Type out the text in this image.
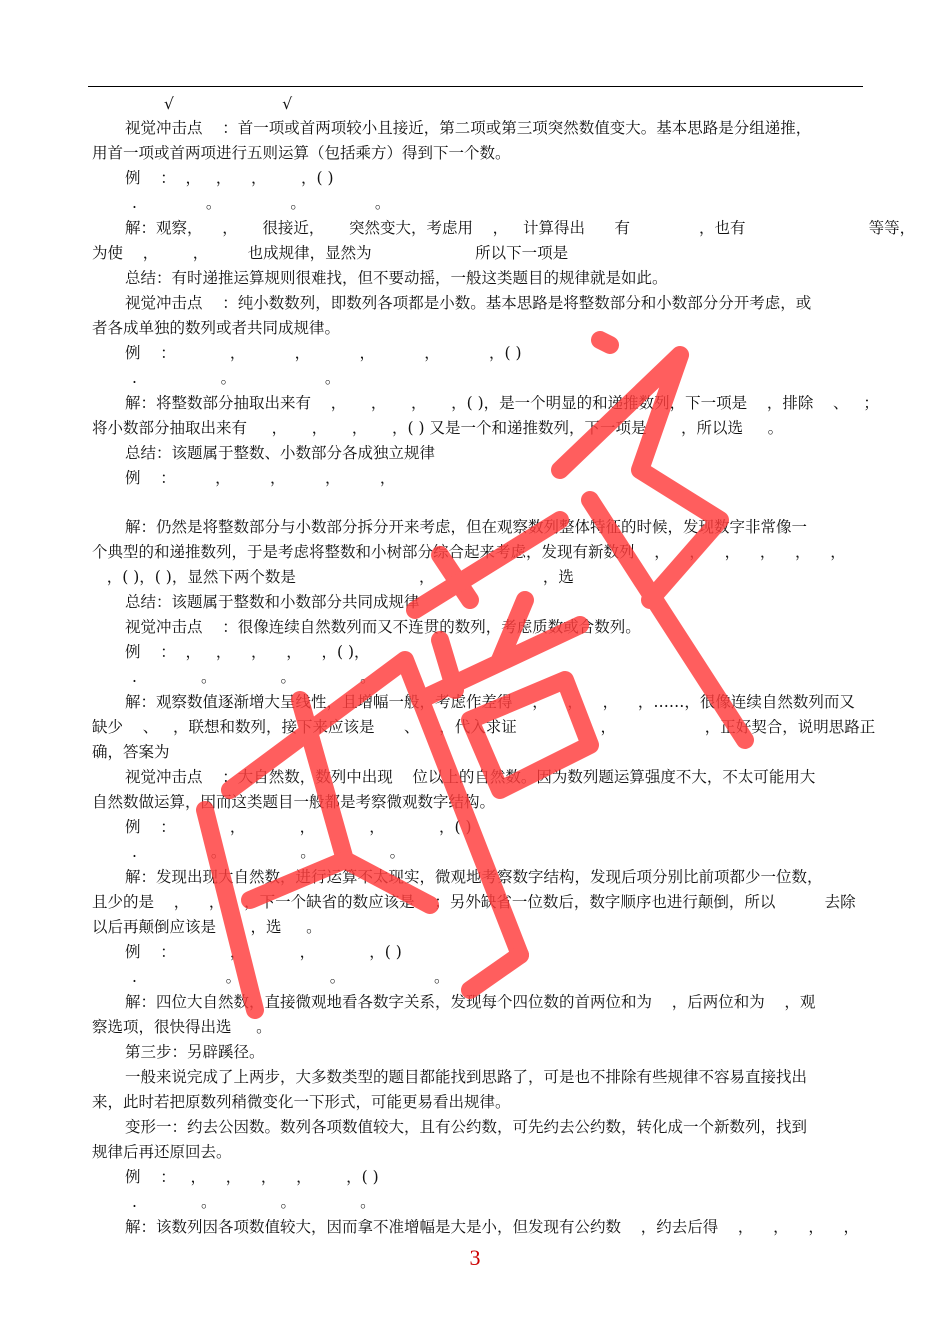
√                      √
视觉冲击点    ：首一项或首两项较小且接近，第二项或第三项突然数值变大。基本思路是分组递推，
用首一项或首两项进行五则运算（包括乘方）得到下一个数。
例    ：  ，   ，    ，       ，( )
.              。              。              。
解：观察，    ，     很接近，     突然变大，考虑用    ，   计算得出      有              ，也有                         等等，
为使    ，       ，        也成规律，显然为                     所以下一项是
总结：有时递推运算规则很难找，但不要动摇，一般这类题目的规律就是如此。
视觉冲击点    ：纯小数数列，即数列各项都是小数。基本思路是将整数部分和小数部分分开考虑，或
者各成单独的数列或者共同成规律。
例    ：           ，          ，          ，          ，          ，( )
.                 。                  。
解：将整数部分抽取出来有    ，     ，     ，     ，( )，是一个明显的和递推数列，下一项是    ，排除    、   ；
将小数部分抽取出来有     ，     ，     ，     ，( ) 又是一个和递推数列，下一项是       ，所以选     。
总结：该题属于整数、小数部分各成独立规律
例    ：        ，        ，        ，        ，
解：仍然是将整数部分与小数部分拆分开来考虑，但在观察数列整体特征的时候，发现数字非常像一
个典型的和递推数列，于是考虑将整数和小树部分综合起来考虑，发现有新数列    ，    ，    ，    ，    ，    ，
，( )，( )，显然下两个数是                         ，                      ，选
总结：该题属于整数和小数部分共同成规律
视觉冲击点    ：很像连续自然数列而又不连贯的数列，考虑质数或合数列。
例    ：  ，   ，    ，    ，    ，( )，
.             。             。             。
解：观察数值逐渐增大呈线性，且增幅一般，考虑作差得    ，    ，    ，    ，……，很像连续自然数列而又
缺少    、   ，联想和数列，接下来应该是      、    ，代入求证                 ，                  ，正好契合，说明思路正
确，答案为
视觉冲击点    ：大自然数，数列中出现    位以上的自然数。因为数列题运算强度不大，不太可能用大
自然数做运算，因而这类题目一般都是考察微观数字结构。
例    ：           ，           ，           ，           ，( )
.               。               。               。
解：发现出现大自然数，进行运算不太现实，微观地考察数字结构，发现后项分别比前项都少一位数，
且少的是    ，    ，    ，下一个缺省的数应该是    ；另外缺省一位数后，数字顺序也进行颠倒，所以          去除
以后再颠倒应该是       ，选     。
例    ：           ，           ，           ，( )
.                  。                  。                  。
解：四位大自然数，直接微观地看各数字关系，发现每个四位数的首两位和为    ，后两位和为    ，观
察选项，很快得出选     。
第三步：另辟蹊径。
一般来说完成了上两步，大多数类型的题目都能找到思路了，可是也不排除有些规律不容易直接找出
来，此时若把原数列稍微变化一下形式，可能更易看出规律。
变形一：约去公因数。数列各项数值较大，且有公约数，可先约去公约数，转化成一个新数列，找到
规律后再还原回去。
例    ：   ，    ，    ，    ，       ，( )
.             。             。             。
解：该数列因各项数值较大，因而拿不准增幅是大是小，但发现有公约数    ，约去后得    ，    ，    ，    ，
3
